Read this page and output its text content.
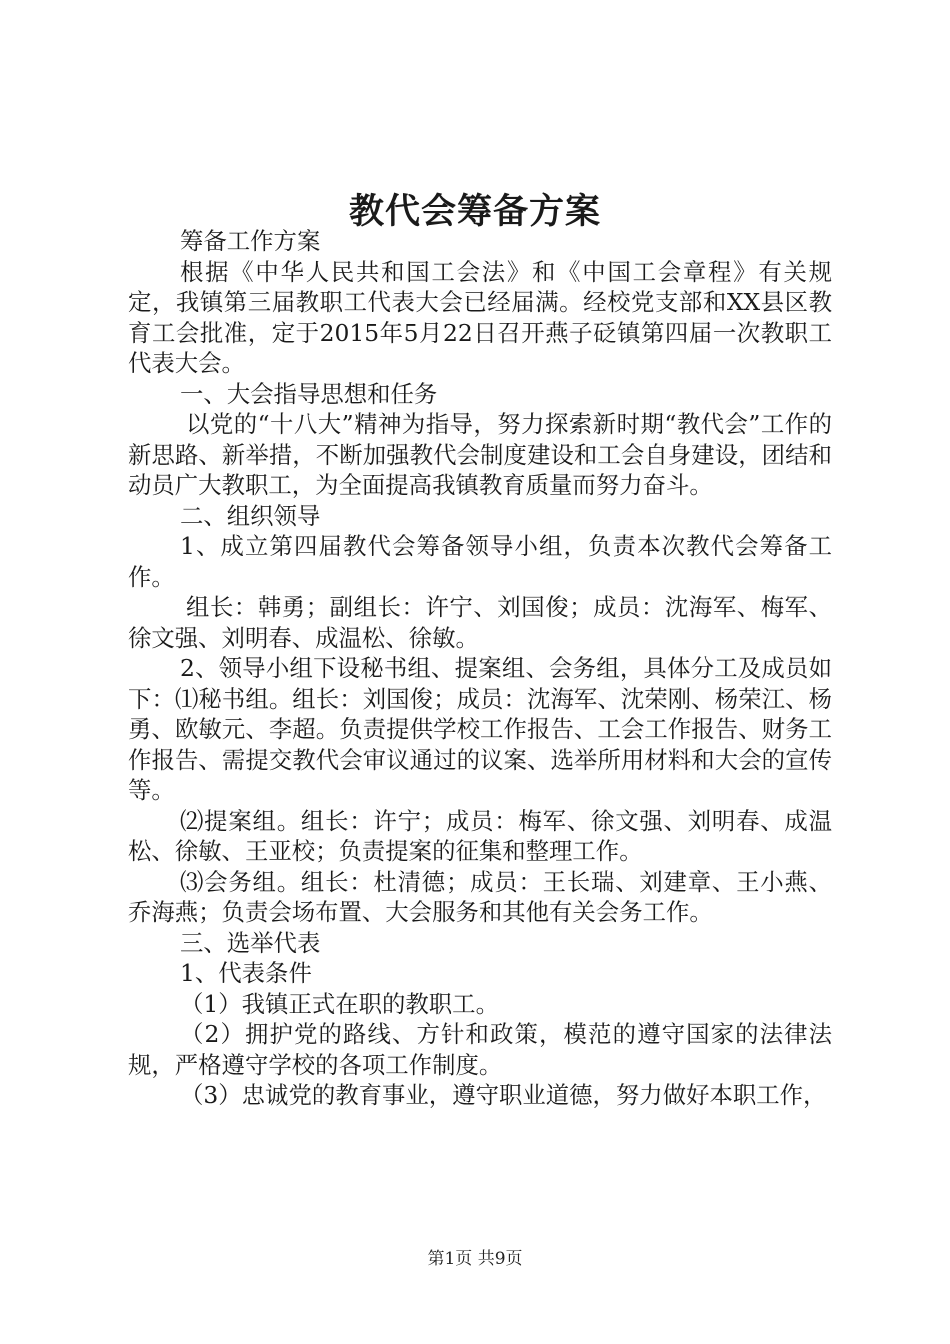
教代会筹备方案

筹备工作方案

根据《中华人民共和国工会法》和《中国工会章程》有关规定，我镇第三届教职工代表大会已经届满。经校党支部和XX县区教育工会批准，定于2015年5月22日召开燕子砭镇第四届一次教职工代表大会。

一、大会指导思想和任务

以党的“十八大”精神为指导，努力探索新时期“教代会”工作的新思路、新举措，不断加强教代会制度建设和工会自身建设，团结和动员广大教职工，为全面提高我镇教育质量而努力奋斗。

二、组织领导

1、成立第四届教代会筹备领导小组，负责本次教代会筹备工作。

组长：韩勇；副组长：许宁、刘国俊；成员：沈海军、梅军、徐文强、刘明春、成温松、徐敏。

2、领导小组下设秘书组、提案组、会务组，具体分工及成员如下：⑴秘书组。组长：刘国俊；成员：沈海军、沈荣刚、杨荣江、杨勇、欧敏元、李超。负责提供学校工作报告、工会工作报告、财务工作报告、需提交教代会审议通过的议案、选举所用材料和大会的宣传等。

⑵提案组。组长：许宁；成员：梅军、徐文强、刘明春、成温松、徐敏、王亚校；负责提案的征集和整理工作。

⑶会务组。组长：杜清德；成员：王长瑞、刘建章、王小燕、乔海燕；负责会场布置、大会服务和其他有关会务工作。

三、选举代表

1、代表条件

（1）我镇正式在职的教职工。

（2）拥护党的路线、方针和政策，模范的遵守国家的法律法规，严格遵守学校的各项工作制度。

（3）忠诚党的教育事业，遵守职业道德，努力做好本职工作，

第1页 共9页
